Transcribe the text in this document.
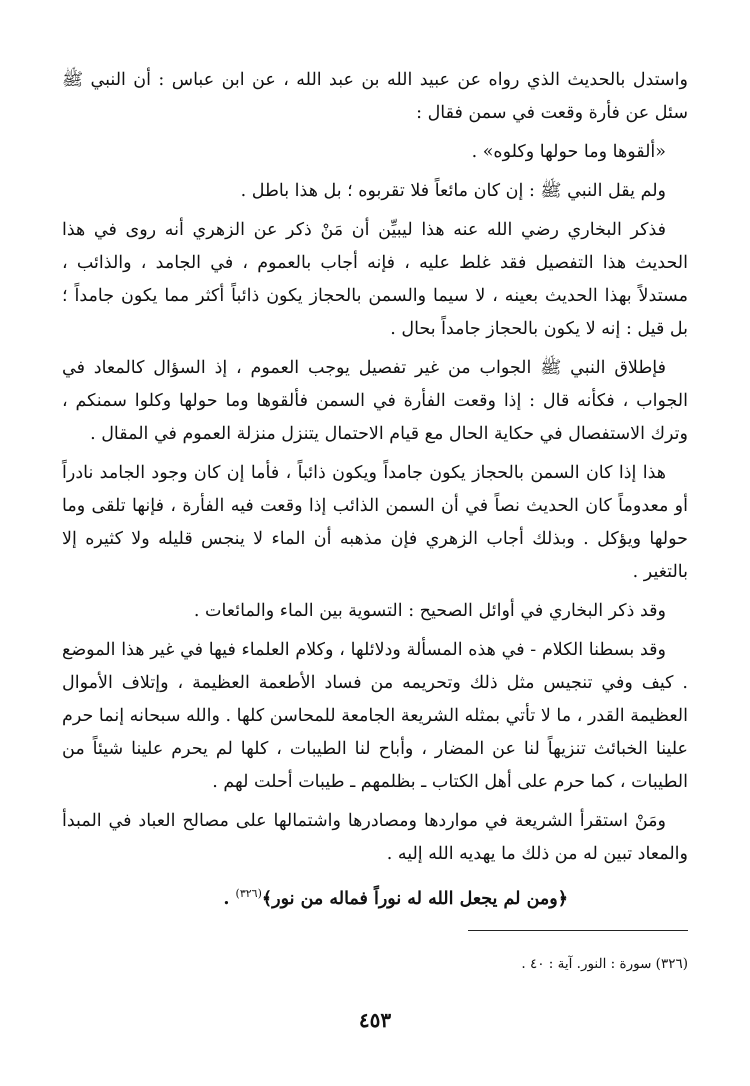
واستدل بالحديث الذي رواه عن عبيد الله بن عبد الله ، عن ابن عباس : أن النبي ﷺ سئل عن فأرة وقعت في سمن فقال :

«ألقوها وما حولها وكلوه» .

ولم يقل النبي ﷺ : إن كان مائعاً فلا تقربوه ؛ بل هذا باطل .

فذكر البخاري رضي الله عنه هذا ليبيِّن أن مَنْ ذكر عن الزهري أنه روى في هذا الحديث هذا التفصيل فقد غلط عليه ، فإنه أجاب بالعموم ، في الجامد ، والذائب ، مستدلاً بهذا الحديث بعينه ، لا سيما والسمن بالحجاز يكون ذائباً أكثر مما يكون جامداً ؛ بل قيل : إنه لا يكون بالحجاز جامداً بحال .

فإطلاق النبي ﷺ الجواب من غير تفصيل يوجب العموم ، إذ السؤال كالمعاد في الجواب ، فكأنه قال : إذا وقعت الفأرة في السمن فألقوها وما حولها وكلوا سمنكم ، وترك الاستفصال في حكاية الحال مع قيام الاحتمال يتنزل منزلة العموم في المقال .

هذا إذا كان السمن بالحجاز يكون جامداً ويكون ذائباً ، فأما إن كان وجود الجامد نادراً أو معدوماً كان الحديث نصاً في أن السمن الذائب إذا وقعت فيه الفأرة ، فإنها تلقى وما حولها ويؤكل . وبذلك أجاب الزهري فإن مذهبه أن الماء لا ينجس قليله ولا كثيره إلا بالتغير .

وقد ذكر البخاري في أوائل الصحيح : التسوية بين الماء والمائعات .

وقد بسطنا الكلام - في هذه المسألة ودلائلها ، وكلام العلماء فيها في غير هذا الموضع . كيف وفي تنجيس مثل ذلك وتحريمه من فساد الأطعمة العظيمة ، وإتلاف الأموال العظيمة القدر ، ما لا تأتي بمثله الشريعة الجامعة للمحاسن كلها . والله سبحانه إنما حرم علينا الخبائث تنزيهاً لنا عن المضار ، وأباح لنا الطيبات ، كلها لم يحرم علينا شيئاً من الطيبات ، كما حرم على أهل الكتاب ـ بظلمهم ـ طيبات أحلت لهم .

ومَنْ استقرأ الشريعة في مواردها ومصادرها واشتمالها على مصالح العباد في المبدأ والمعاد تبين له من ذلك ما يهديه الله إليه .

﴿ومن لم يجعل الله له نوراً فماله من نور﴾$^{(٣٢٦)}$ .

(٣٢٦) سورة : النور. آية : ٤٠ .
٤٥٣
